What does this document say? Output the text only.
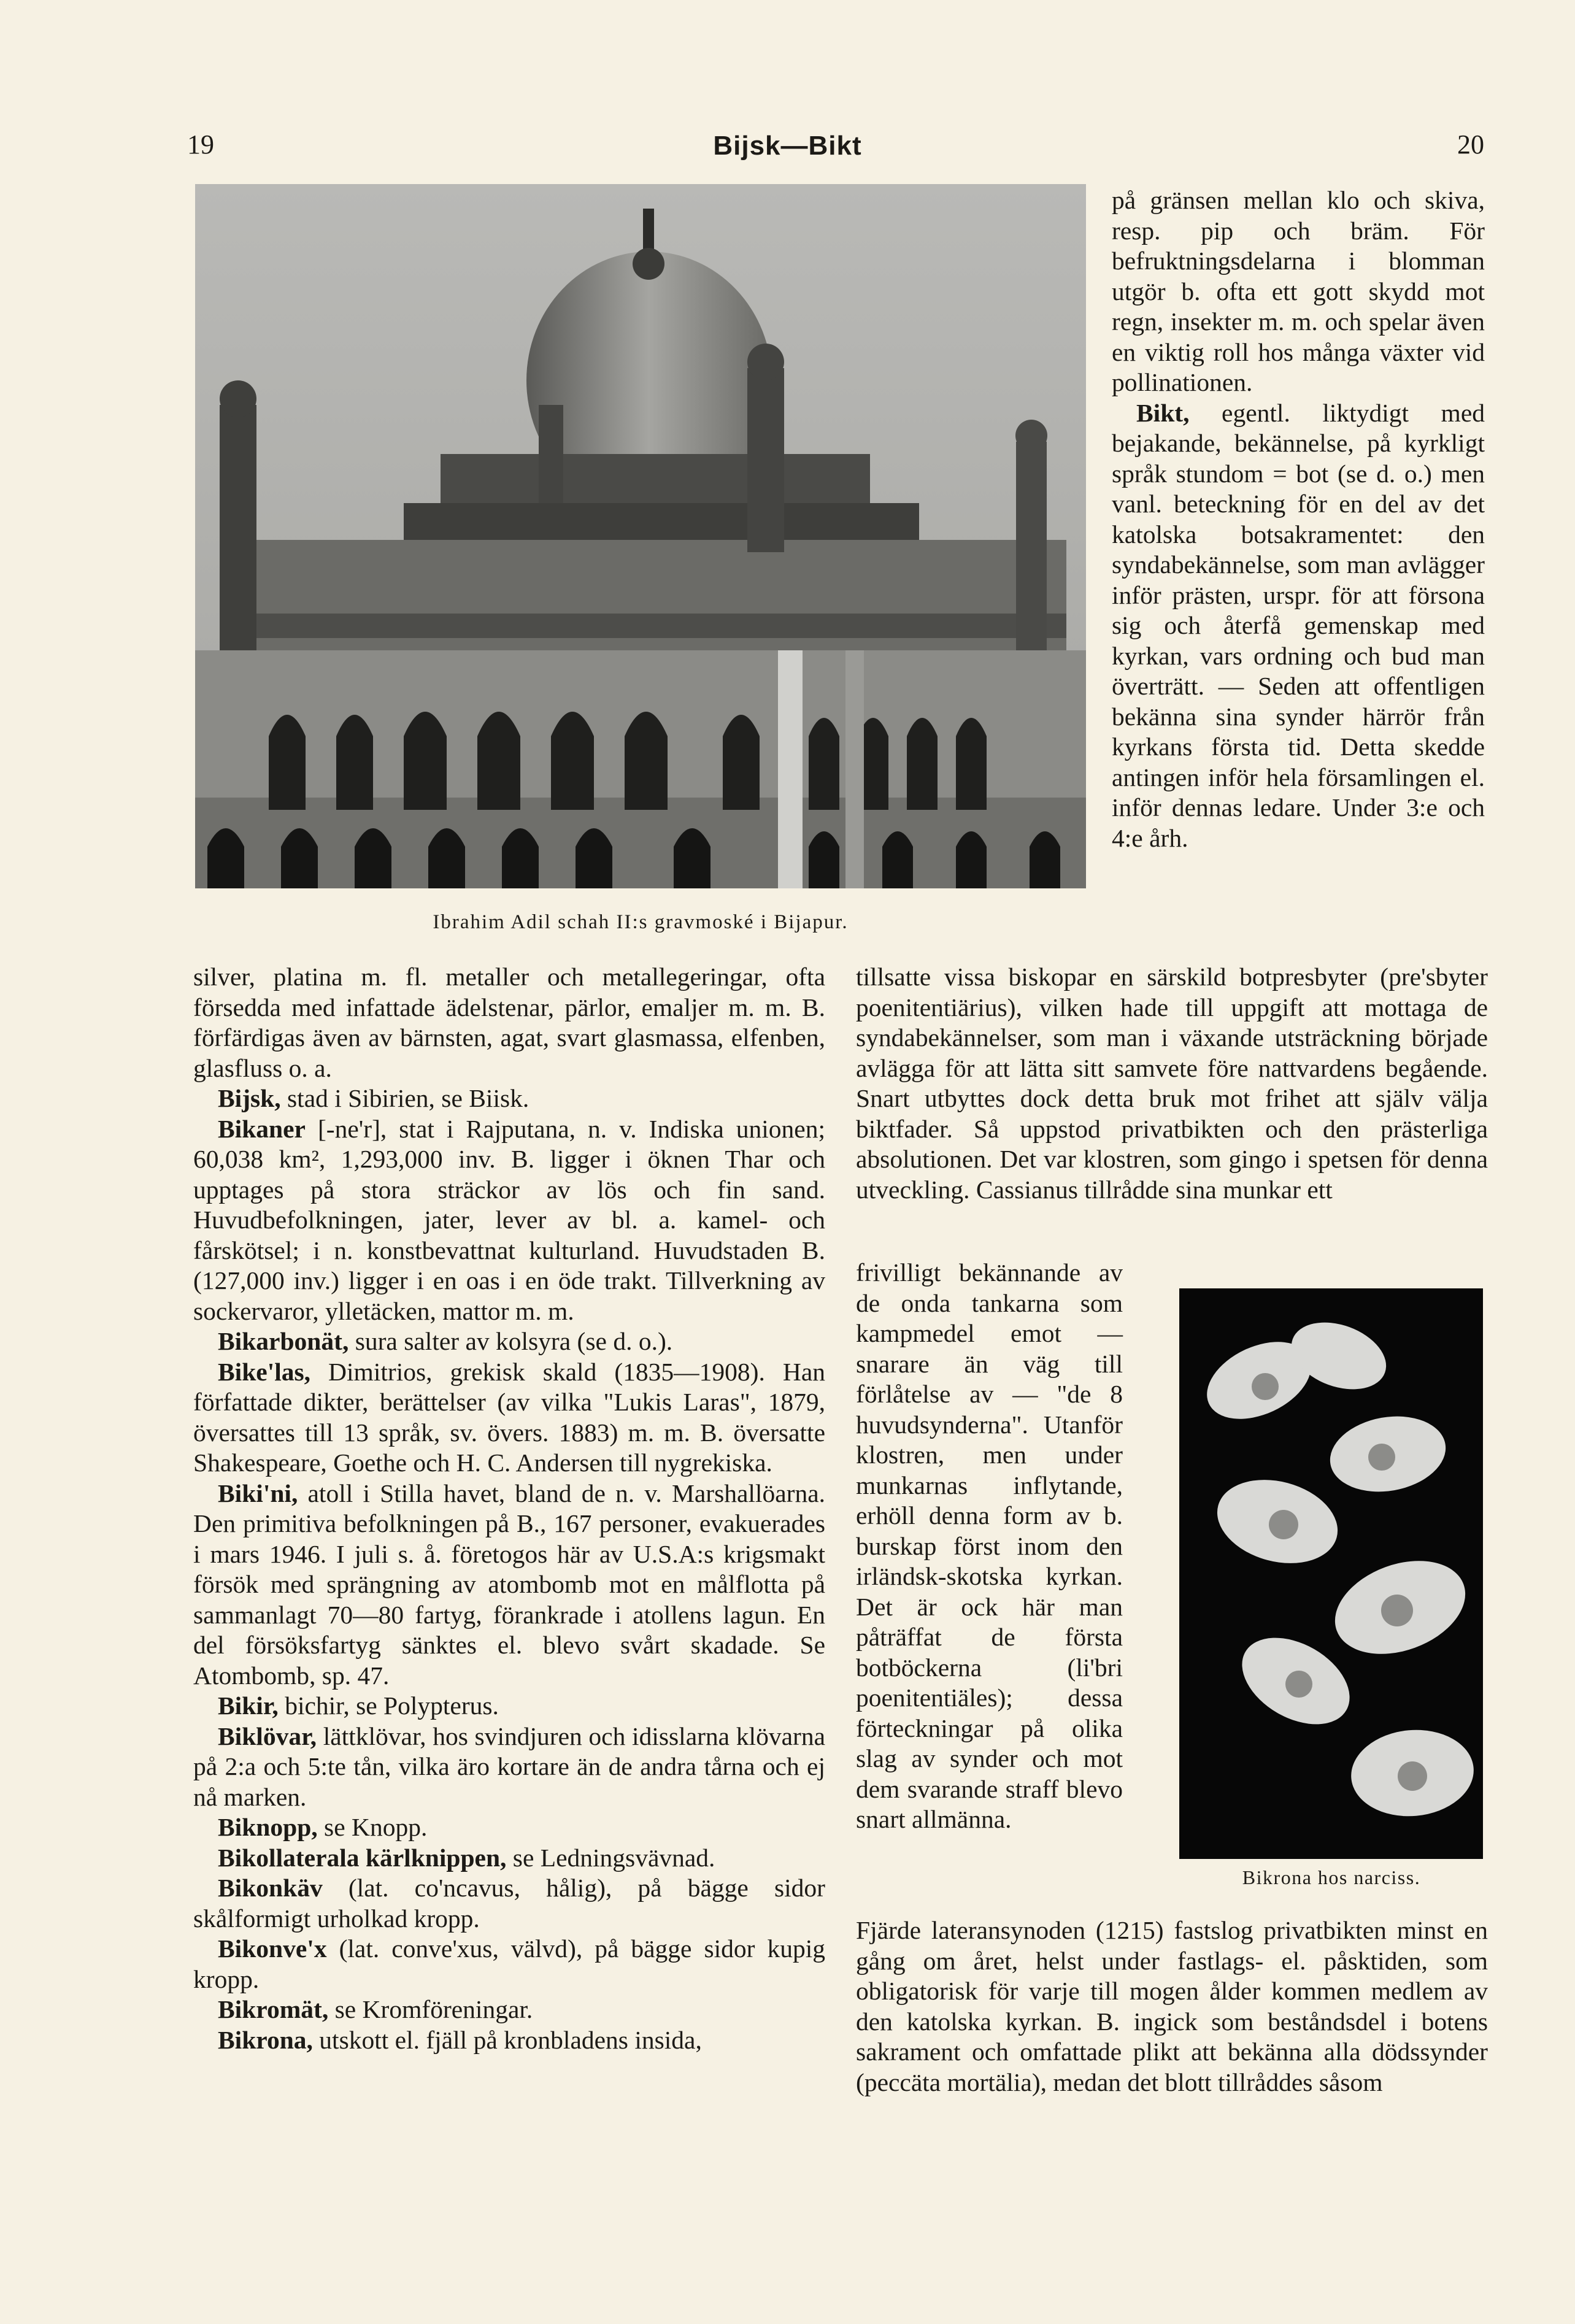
19	Bijsk—Bikt	20
Ibrahim Adil schah II:s gravmoské i Bijapur.

på gränsen mellan klo och skiva, resp. pip och bräm. För befruktningsdelarna i blomman utgör b. ofta ett gott skydd mot regn, insekter m. m. och spelar även en viktig roll hos många växter vid pollinationen.

Bikt, egentl. liktydigt med bejakande, bekännelse, på kyrkligt språk stundom = bot (se d. o.) men vanl. beteckning för en del av det katolska botsakramentet: den syndabekännelse, som man avlägger inför prästen, urspr. för att försona sig och återfå gemenskap med kyrkan, vars ordning och bud man överträtt. — Seden att offentligen bekänna sina synder härrör från kyrkans första tid. Detta skedde antingen inför hela församlingen el. inför dennas ledare. Under 3:e och 4:e årh.

silver, platina m. fl. metaller och metallegeringar, ofta försedda med infattade ädelstenar, pärlor, emaljer m. m. B. förfärdigas även av bärnsten, agat, svart glasmassa, elfenben, glasfluss o. a.

Bijsk, stad i Sibirien, se Biisk.

Bikaner [-ne'r], stat i Rajputana, n. v. Indiska unionen; 60,038 km², 1,293,000 inv. B. ligger i öknen Thar och upptages på stora sträckor av lös och fin sand. Huvudbefolkningen, jater, lever av bl. a. kamel- och fårskötsel; i n. konstbevattnat kulturland. Huvudstaden B. (127,000 inv.) ligger i en oas i en öde trakt. Tillverkning av sockervaror, ylletäcken, mattor m. m.

Bikarbonät, sura salter av kolsyra (se d. o.).

Bike'las, Dimitrios, grekisk skald (1835—1908). Han författade dikter, berättelser (av vilka "Lukis Laras", 1879, översattes till 13 språk, sv. övers. 1883) m. m. B. översatte Shakespeare, Goethe och H. C. Andersen till nygrekiska.

Biki'ni, atoll i Stilla havet, bland de n. v. Marshallöarna. Den primitiva befolkningen på B., 167 personer, evakuerades i mars 1946. I juli s. å. företogos här av U.S.A:s krigsmakt försök med sprängning av atombomb mot en målflotta på sammanlagt 70—80 fartyg, förankrade i atollens lagun. En del försöksfartyg sänktes el. blevo svårt skadade. Se Atombomb, sp. 47.

Bikir, bichir, se Polypterus.

Biklövar, lättklövar, hos svindjuren och idisslarna klövarna på 2:a och 5:te tån, vilka äro kortare än de andra tårna och ej nå marken.

Biknopp, se Knopp.

Bikollaterala kärlknippen, se Ledningsvävnad.

Bikonkäv (lat. co'ncavus, hålig), på bägge sidor skålformigt urholkad kropp.

Bikonve'x (lat. conve'xus, välvd), på bägge sidor kupig kropp.

Bikromät, se Kromföreningar.

Bikrona, utskott el. fjäll på kronbladens insida,

tillsatte vissa biskopar en särskild botpresbyter (pre'sbyter poenitentiärius), vilken hade till uppgift att mottaga de syndabekännelser, som man i växande utsträckning började avlägga för att lätta sitt samvete före nattvardens begående. Snart utbyttes dock detta bruk mot frihet att själv välja biktfader. Så uppstod privatbikten och den prästerliga absolutionen. Det var klostren, som gingo i spetsen för denna utveckling. Cassianus tillrådde sina munkar ett

frivilligt bekännande av de onda tankarna som kampmedel emot — snarare än väg till förlåtelse av — "de 8 huvudsynderna". Utanför klostren, men under munkarnas inflytande, erhöll denna form av b. burskap först inom den irländsk-skotska kyrkan. Det är ock här man påträffat de första botböckerna (li'bri poenitentiäles); dessa förteckningar på olika slag av synder och mot dem svarande straff blevo snart allmänna.

Bikrona hos narciss.

Fjärde lateransynoden (1215) fastslog privatbikten minst en gång om året, helst under fastlags- el. påsktiden, som obligatorisk för varje till mogen ålder kommen medlem av den katolska kyrkan. B. ingick som beståndsdel i botens sakrament och omfattade plikt att bekänna alla dödssynder (peccäta mortälia), medan det blott tillråddes såsom
